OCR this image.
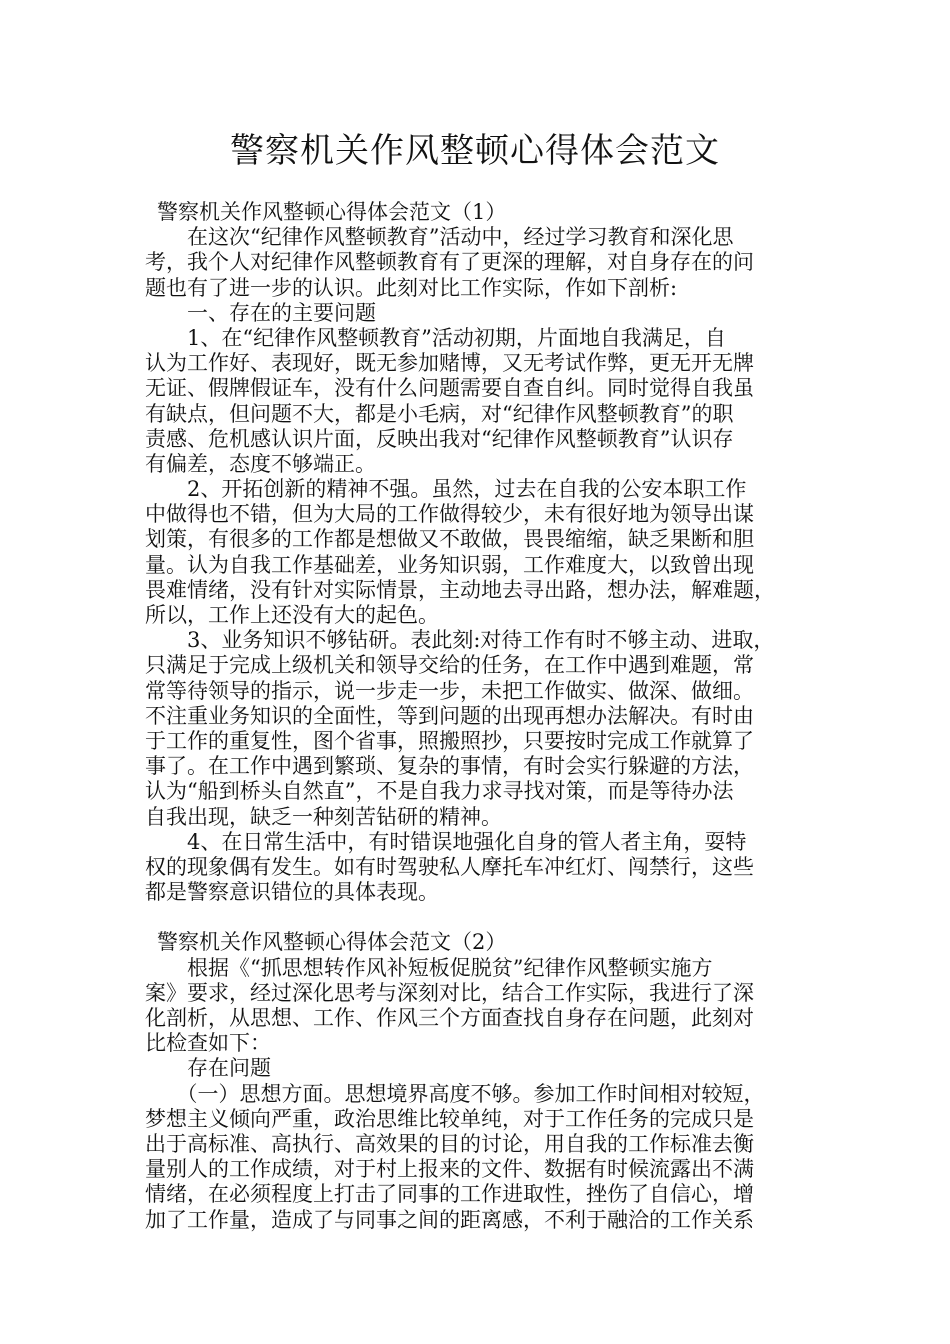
警察机关作风整顿心得体会范文
警察机关作风整顿心得体会范文（1）
　　在这次“纪律作风整顿教育”活动中，经过学习教育和深化思
考，我个人对纪律作风整顿教育有了更深的理解，对自身存在的问
题也有了进一步的认识。此刻对比工作实际，作如下剖析:
　　一、存在的主要问题
　　1、在“纪律作风整顿教育”活动初期，片面地自我满足，自
认为工作好、表现好，既无参加赌博，又无考试作弊，更无开无牌
无证、假牌假证车，没有什么问题需要自查自纠。同时觉得自我虽
有缺点，但问题不大，都是小毛病，对“纪律作风整顿教育”的职
责感、危机感认识片面，反映出我对“纪律作风整顿教育”认识存
有偏差，态度不够端正。
　　2、开拓创新的精神不强。虽然，过去在自我的公安本职工作
中做得也不错，但为大局的工作做得较少，未有很好地为领导出谋
划策，有很多的工作都是想做又不敢做，畏畏缩缩，缺乏果断和胆
量。认为自我工作基础差，业务知识弱，工作难度大，以致曾出现
畏难情绪，没有针对实际情景，主动地去寻出路，想办法，解难题，
所以，工作上还没有大的起色。
　　3、业务知识不够钻研。表此刻:对待工作有时不够主动、进取，
只满足于完成上级机关和领导交给的任务，在工作中遇到难题，常
常等待领导的指示，说一步走一步，未把工作做实、做深、做细。
不注重业务知识的全面性，等到问题的出现再想办法解决。有时由
于工作的重复性，图个省事，照搬照抄，只要按时完成工作就算了
事了。在工作中遇到繁琐、复杂的事情，有时会实行躲避的方法，
认为“船到桥头自然直”，不是自我力求寻找对策，而是等待办法
自我出现，缺乏一种刻苦钻研的精神。
　　4、在日常生活中，有时错误地强化自身的管人者主角，耍特
权的现象偶有发生。如有时驾驶私人摩托车冲红灯、闯禁行，这些
都是警察意识错位的具体表现。
警察机关作风整顿心得体会范文（2）
　　根据《“抓思想转作风补短板促脱贫”纪律作风整顿实施方
案》要求，经过深化思考与深刻对比，结合工作实际，我进行了深
化剖析，从思想、工作、作风三个方面查找自身存在问题，此刻对
比检查如下：
　　存在问题
　　（一）思想方面。思想境界高度不够。参加工作时间相对较短，
梦想主义倾向严重，政治思维比较单纯，对于工作任务的完成只是
出于高标准、高执行、高效果的目的讨论，用自我的工作标准去衡
量别人的工作成绩，对于村上报来的文件、数据有时候流露出不满
情绪，在必须程度上打击了同事的工作进取性，挫伤了自信心，增
加了工作量，造成了与同事之间的距离感，不利于融洽的工作关系
